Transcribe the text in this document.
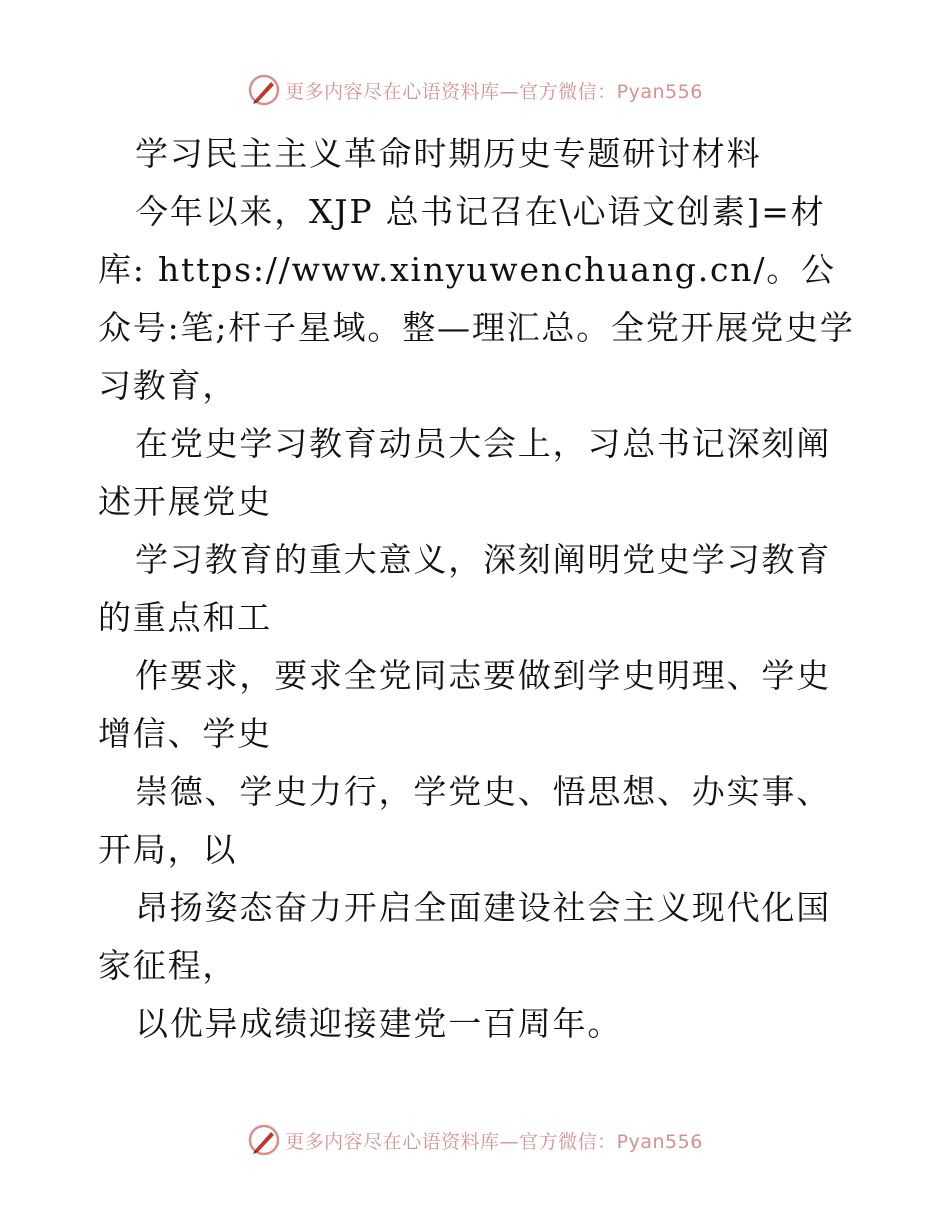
更多内容尽在心语资料库—官方微信：Pyan556

学习民主主义革命时期历史专题研讨材料

今年以来，XJP 总书记召在\心语文创素]=材库: https://www.xinyuwenchuang.cn/。公众号:笔;杆子星域。整—理汇总。全党开展党史学习教育，

在党史学习教育动员大会上，习总书记深刻阐述开展党史

学习教育的重大意义，深刻阐明党史学习教育的重点和工

作要求，要求全党同志要做到学史明理、学史增信、学史

崇德、学史力行，学党史、悟思想、办实事、开局，以

昂扬姿态奋力开启全面建设社会主义现代化国家征程，

以优异成绩迎接建党一百周年。

更多内容尽在心语资料库—官方微信：Pyan556
